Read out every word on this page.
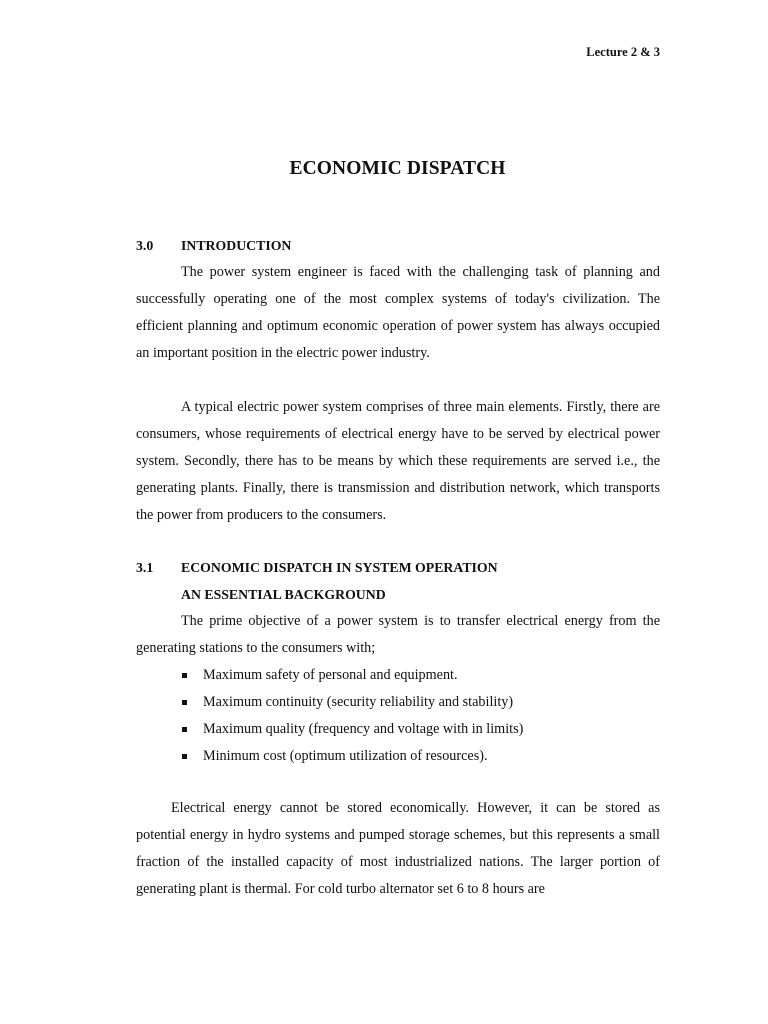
Lecture 2 & 3
ECONOMIC DISPATCH
3.0	INTRODUCTION

The power system engineer is faced with the challenging task of planning and successfully operating one of the most complex systems of today's civilization. The efficient planning and optimum economic operation of power system has always occupied an important position in the electric power industry.

A typical electric power system comprises of three main elements. Firstly, there are consumers, whose requirements of electrical energy have to be served by electrical power system. Secondly, there has to be means by which these requirements are served i.e., the generating plants. Finally, there is transmission and distribution network, which transports the power from producers to the consumers.

3.1	ECONOMIC DISPATCH IN SYSTEM OPERATION
AN ESSENTIAL BACKGROUND

The prime objective of a power system is to transfer electrical energy from the generating stations to the consumers with;

Maximum safety of personal and equipment.
Maximum continuity (security reliability and stability)
Maximum quality (frequency and voltage with in limits)
Minimum cost (optimum utilization of resources).

Electrical energy cannot be stored economically. However, it can be stored as potential energy in hydro systems and pumped storage schemes, but this represents a small fraction of the installed capacity of most industrialized nations. The larger portion of generating plant is thermal. For cold turbo alternator set 6 to 8 hours are
